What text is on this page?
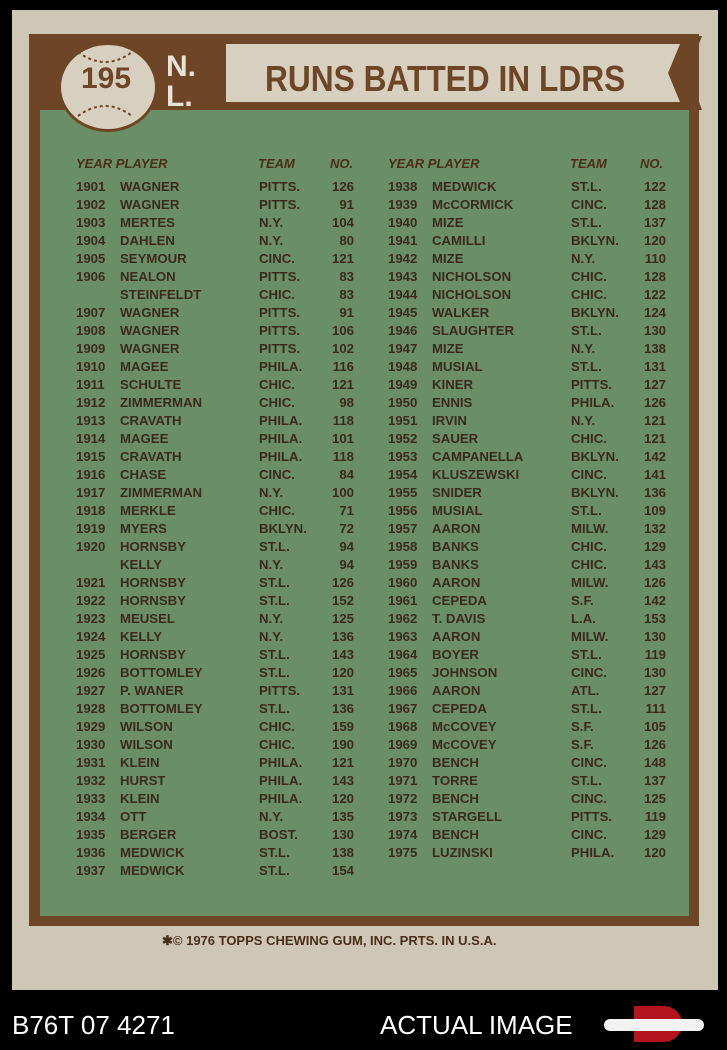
RUNS BATTED IN LDRS
195	N.
L.
YEAR PLAYER	TEAM	NO.	YEAR PLAYER	TEAM	NO.
1901 WAGNER	PITTS. 126
1902 WAGNER	PITTS.	91
1903 MERTES	N.Y.	104
1904 DAHLEN	N.Y.	80
1905 SEYMOUR	CINC.	121
1906 NEALON	PITTS.	83
STEINFELDT	CHIC.	83
1907 WAGNER	PITTS.	91
1908 WAGNER	PITTS. 106
1909 WAGNER	PITTS. 102
1910 MAGEE	PHILA. 116
1911 SCHULTE	CHIC.	121
1912 ZIMMERMAN	CHIC.	98
1913 CRAVATH	PHILA. 118
1914 MAGEE	PHILA. 101
1915 CRAVATH	PHILA. 118
1916 CHASE	CINC.	84
1917 ZIMMERMAN	N.Y.	100
1918 MERKLE	CHIC.	71
1919 MYERS	BKLYN. 72
1920 HORNSBY	ST.L.	94
KELLY	N.Y.	94
1921 HORNSBY	ST.L.	126
1922 HORNSBY	ST.L.	152
1923 MEUSEL	N.Y.	125
1924 KELLY	N.Y.	136
1925 HORNSBY	ST.L.	143
1926 BOTTOMLEY	ST.L.	120
1927 P. WANER	PITTS. 131
1928 BOTTOMLEY	ST.L.	136
1929 WILSON	CHIC.	159
1930 WILSON	CHIC.	190
1931 KLEIN	PHILA. 121
1932 HURST	PHILA. 143
1933 KLEIN	PHILA. 120
1934 OTT	N.Y.	135
1935 BERGER	BOST.	130
1936 MEDWICK	ST.L.	138
1937 MEDWICK	ST.L.	154
1938 MEDWICK	ST.L.	122
1939 McCORMICK	CINC.	128
1940 MIZE	ST.L.	137
1941 CAMILLI	BKLYN. 120
1942 MIZE	N.Y.	110
1943 NICHOLSON	CHIC.	128
1944 NICHOLSON	CHIC.	122
1945 WALKER	BKLYN. 124
1946 SLAUGHTER	ST.L.	130
1947 MIZE	N.Y.	138
1948 MUSIAL	ST.L.	131
1949 KINER	PITTS. 127
1950 ENNIS	PHILA. 126
1951 IRVIN	N.Y.	121
1952 SAUER	CHIC.	121
1953 CAMPANELLA	BKLYN. 142
1954 KLUSZEWSKI	CINC.	141
1955 SNIDER	BKLYN. 136
1956 MUSIAL	ST.L.	109
1957 AARON	MILW.	132
1958 BANKS	CHIC.	129
1959 BANKS	CHIC.	143
1960 AARON	MILW.	126
1961 CEPEDA	S.F.	142
1962 T. DAVIS	L.A.	153
1963 AARON	MILW.	130
1964 BOYER	ST.L.	119
1965 JOHNSON	CINC.	130
1966 AARON	ATL.	127
1967 CEPEDA	ST.L.	111
1968 McCOVEY	S.F.	105
1969 McCOVEY	S.F.	126
1970 BENCH	CINC.	148
1971 TORRE	ST.L.	137
1972 BENCH	CINC.	125
1973 STARGELL	PITTS. 119
1974 BENCH	CINC.	129
1975 LUZINSKI	PHILA. 120
✱© 1976 TOPPS CHEWING GUM, INC. PRTS. IN U.S.A.
B76T 07 4271	ACTUAL IMAGE
